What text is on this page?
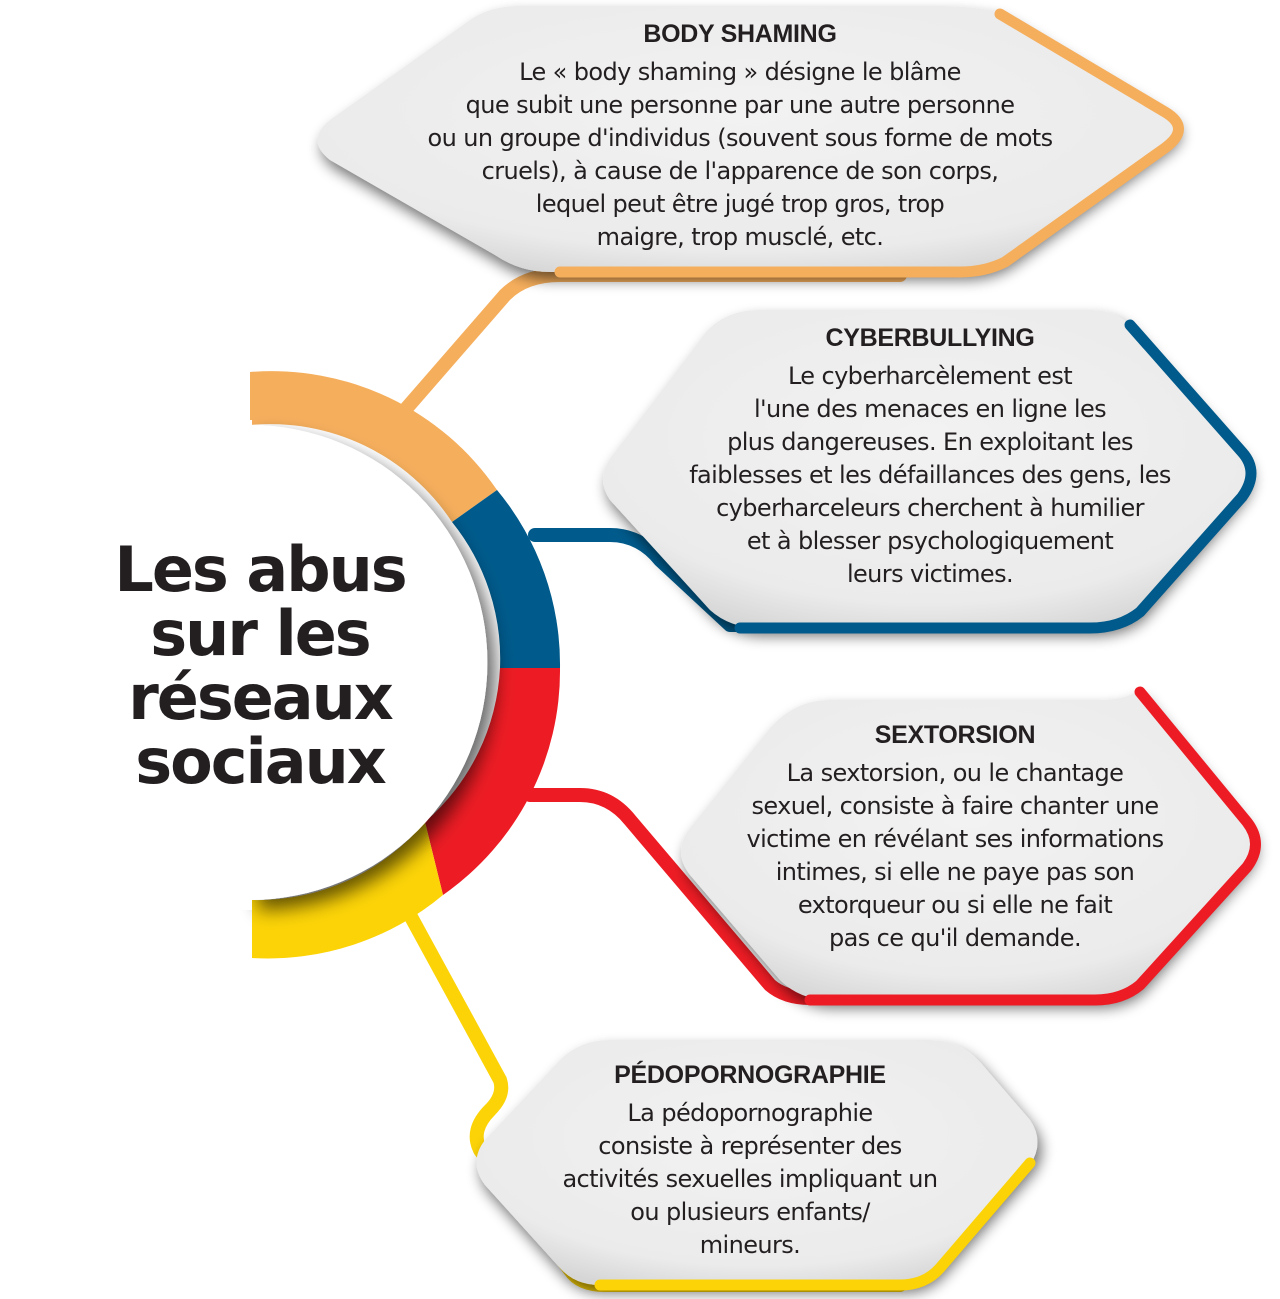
Les abus
sur les
réseaux
sociaux
BODY SHAMING
Le « body shaming » désigne le blâme
que subit une personne par une autre personne
ou un groupe d'individus (souvent sous forme de mots
cruels), à cause de l'apparence de son corps,
lequel peut être jugé trop gros, trop
maigre, trop musclé, etc.
CYBERBULLYING
Le cyberharcèlement est
l'une des menaces en ligne les
plus dangereuses. En exploitant les
faiblesses et les défaillances des gens, les
cyberharceleurs cherchent à humilier
et à blesser psychologiquement
leurs victimes.
SEXTORSION
La sextorsion, ou le chantage
sexuel, consiste à faire chanter une
victime en révélant ses informations
intimes, si elle ne paye pas son
extorqueur ou si elle ne fait
pas ce qu'il demande.
PÉDOPORNOGRAPHIE
La pédopornographie
consiste à représenter des
activités sexuelles impliquant un
ou plusieurs enfants/
mineurs.
